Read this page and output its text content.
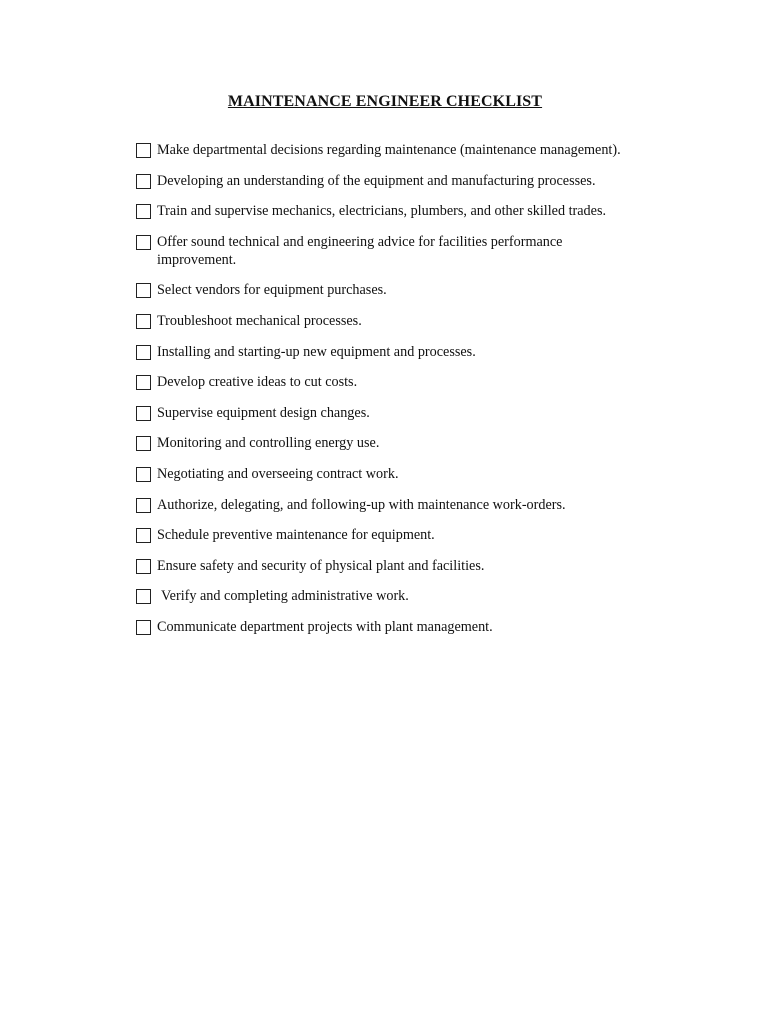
MAINTENANCE ENGINEER CHECKLIST
Make departmental decisions regarding maintenance (maintenance management).
Developing an understanding of the equipment and manufacturing processes.
Train and supervise mechanics, electricians, plumbers, and other skilled trades.
Offer sound technical and engineering advice for facilities performance improvement.
Select vendors for equipment purchases.
Troubleshoot mechanical processes.
Installing and starting-up new equipment and processes.
Develop creative ideas to cut costs.
Supervise equipment design changes.
Monitoring and controlling energy use.
Negotiating and overseeing contract work.
Authorize, delegating, and following-up with maintenance work-orders.
Schedule preventive maintenance for equipment.
Ensure safety and security of physical plant and facilities.
Verify and completing administrative work.
Communicate department projects with plant management.
